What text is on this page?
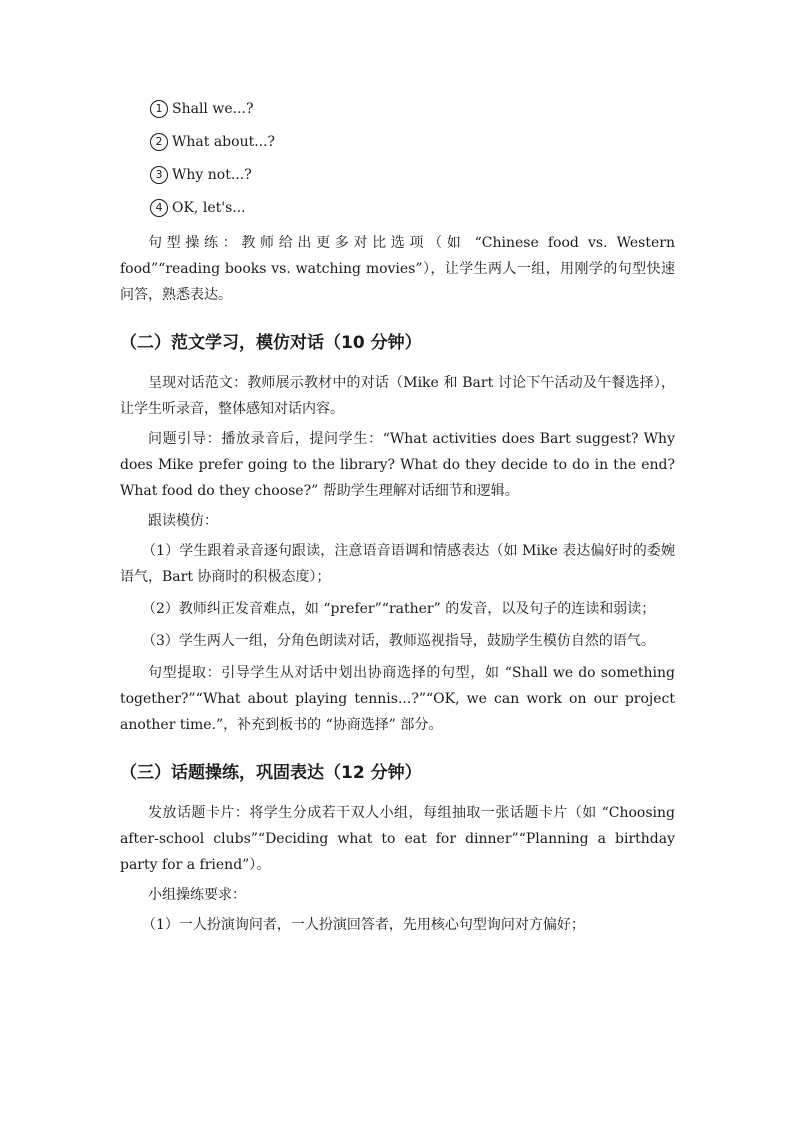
1 Shall we...?
2 What about...?
3 Why not...?
4 OK, let's...

句型操练：教师给出更多对比选项（如 “Chinese food vs. Western food”“reading books vs. watching movies”），让学生两人一组，用刚学的句型快速问答，熟悉表达。

（二）范文学习，模仿对话（10 分钟）

呈现对话范文：教师展示教材中的对话（Mike 和 Bart 讨论下午活动及午餐选择），让学生听录音，整体感知对话内容。

问题引导：播放录音后，提问学生：“What activities does Bart suggest? Why does Mike prefer going to the library? What do they decide to do in the end? What food do they choose?” 帮助学生理解对话细节和逻辑。

跟读模仿：

（1）学生跟着录音逐句跟读，注意语音语调和情感表达（如 Mike 表达偏好时的委婉语气，Bart 协商时的积极态度）；

（2）教师纠正发音难点，如 “prefer”“rather” 的发音，以及句子的连读和弱读；

（3）学生两人一组，分角色朗读对话，教师巡视指导，鼓励学生模仿自然的语气。

句型提取：引导学生从对话中划出协商选择的句型，如 “Shall we do something together?”“What about playing tennis...?”“OK, we can work on our project another time.”，补充到板书的 “协商选择” 部分。

（三）话题操练，巩固表达（12 分钟）

发放话题卡片：将学生分成若干双人小组，每组抽取一张话题卡片（如 “Choosing after-school clubs”“Deciding what to eat for dinner”“Planning a birthday party for a friend”）。

小组操练要求：

（1）一人扮演询问者，一人扮演回答者，先用核心句型询问对方偏好；
